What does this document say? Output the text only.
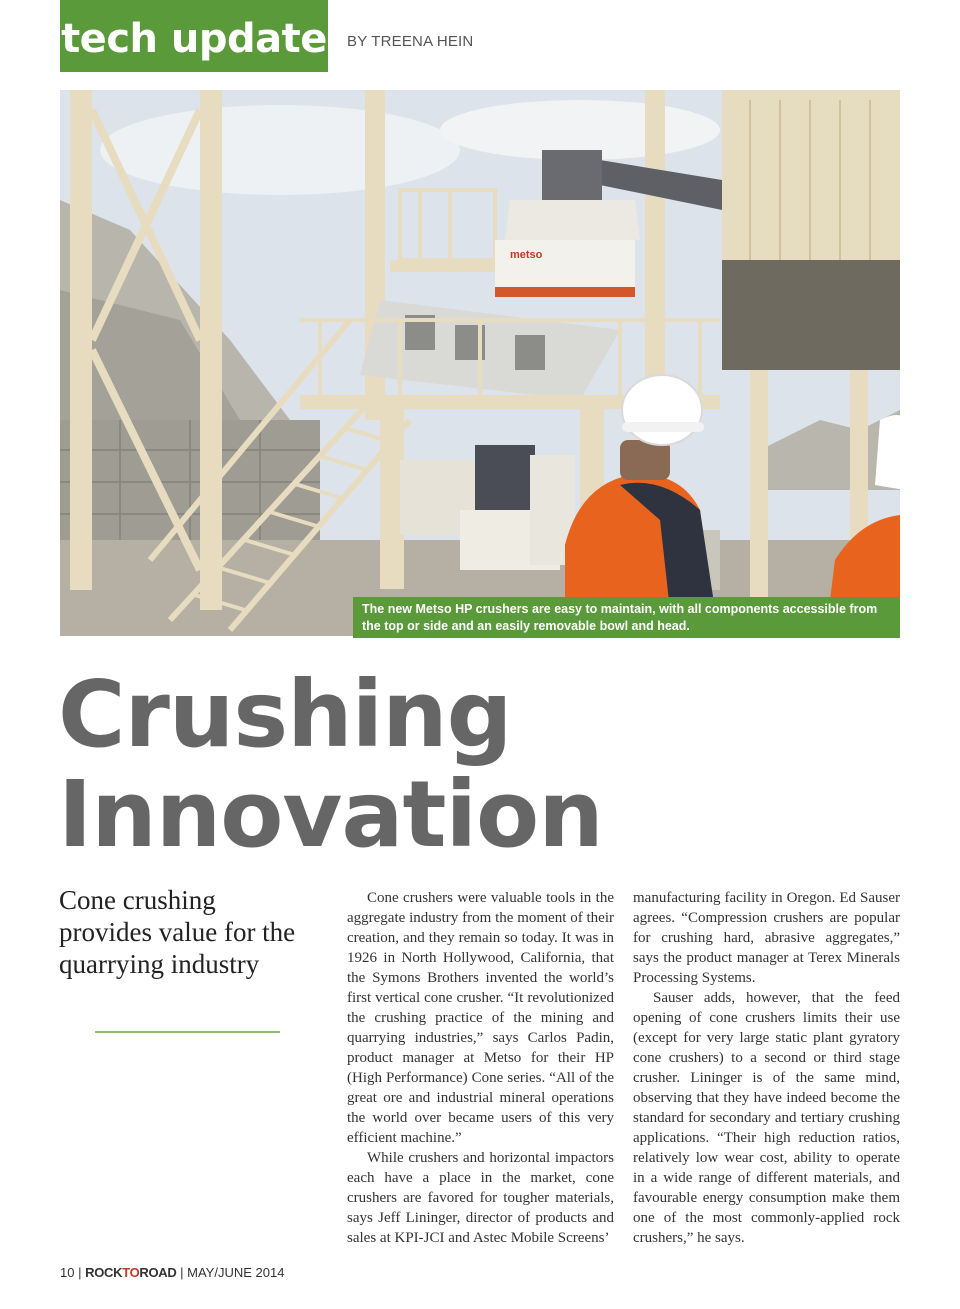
tech update BY TREENA HEIN
metso
The new Metso HP crushers are easy to maintain, with all components accessible from the top or side and an easily removable bowl and head.
Crushing
Innovation
Cone crushing provides value for the quarrying industry

Cone crushers were valuable tools in the aggregate industry from the moment of their creation, and they remain so today. It was in 1926 in North Hollywood, California, that the Symons Brothers invented the world’s first vertical cone crusher. “It revolutionized the crushing practice of the mining and quarrying industries,” says Carlos Padin, product manager at Metso for their HP (High Performance) Cone series. “All of the great ore and industrial mineral operations the world over became users of this very efficient machine.”

While crushers and horizontal impactors each have a place in the market, cone crushers are favored for tougher materials, says Jeff Lininger, director of products and sales at KPI-JCI and Astec Mobile Screens’

manufacturing facility in Oregon. Ed Sauser agrees. “Compression crushers are popular for crushing hard, abrasive aggregates,” says the product manager at Terex Minerals Processing Systems.

Sauser adds, however, that the feed opening of cone crushers limits their use (except for very large static plant gyratory cone crushers) to a second or third stage crusher. Lininger is of the same mind, observing that they have indeed become the standard for secondary and tertiary crushing applications. “Their high reduction ratios, relatively low wear cost, ability to operate in a wide range of different materials, and favourable energy consumption make them one of the most commonly-applied rock crushers,” he says.

10 | ROCKTOROAD | MAY/JUNE 2014
